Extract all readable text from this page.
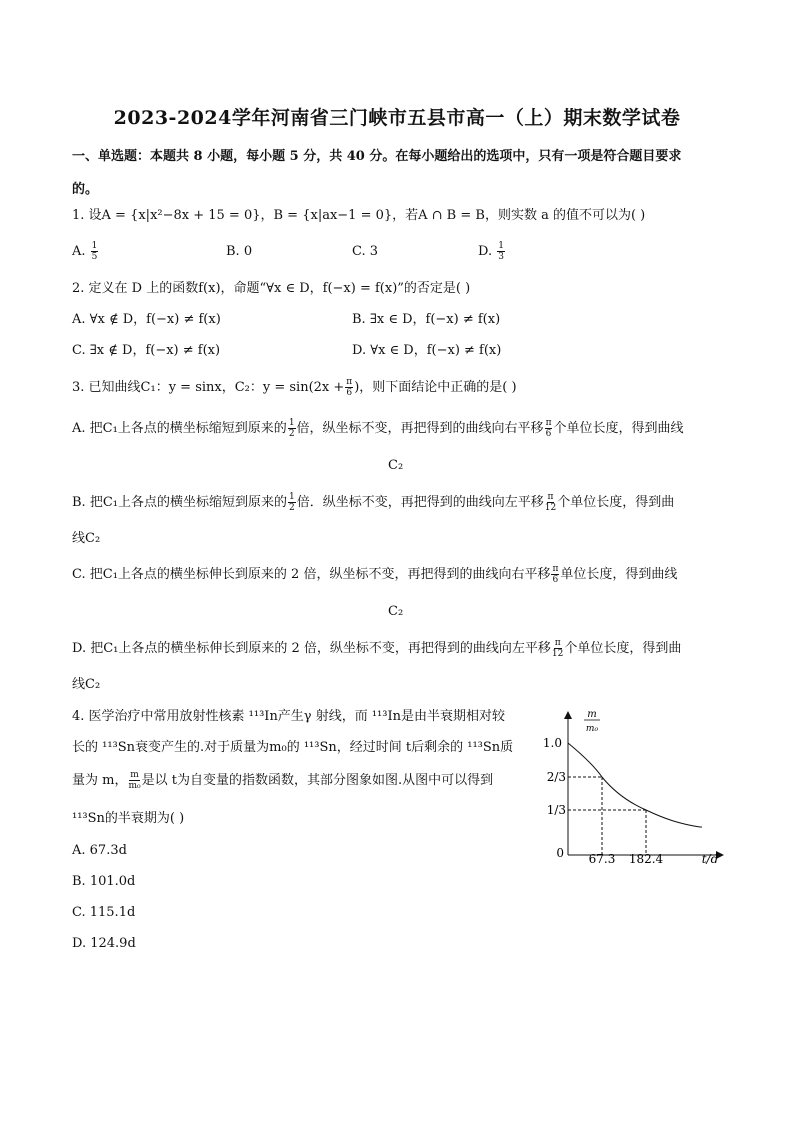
2023-2024学年河南省三门峡市五县市高一（上）期末数学试卷
一、单选题：本题共 8 小题，每小题 5 分，共 40 分。在每小题给出的选项中，只有一项是符合题目要求
的。
1. 设A = {x|x²−8x + 15 = 0}，B = {x|ax−1 = 0}，若A ∩ B = B，则实数 a 的值不可以为( )
A. $\frac{1}{5}$	B. 0	C. 3	D. $\frac{1}{3}$
2. 定义在 D 上的函数f(x)，命题“∀x ∈ D，f(−x) = f(x)”的否定是( )
A. ∀x ∉ D，f(−x) ≠ f(x)	B. ∃x ∈ D，f(−x) ≠ f(x)
C. ∃x ∉ D，f(−x) ≠ f(x)	D. ∀x ∈ D，f(−x) ≠ f(x)
3. 已知曲线C₁：y = sinx，C₂：$y = \sin(2x + \frac{\pi}{6}$ )，则下面结论中正确的是( )
A. 把C₁上各点的横坐标缩短到原来的 $\frac{1}{2}$ 倍，纵坐标不变，再把得到的曲线向右平移 $\frac{\pi}{6}$ 个单位长度，得到曲线
C₂
B. 把C₁上各点的横坐标缩短到原来的 $\frac{1}{2}$ 倍．纵坐标不变，再把得到的曲线向左平移 $\frac{\pi}{12}$ 个单位长度，得到曲
线C₂
C. 把C₁上各点的横坐标伸长到原来的 2 倍，纵坐标不变，再把得到的曲线向右平移 $\frac{\pi}{6}$ 单位长度，得到曲线
C₂
D. 把C₁上各点的横坐标伸长到原来的 2 倍，纵坐标不变，再把得到的曲线向左平移 $\frac{\pi}{12}$ 个单位长度，得到曲
线C₂
4. 医学治疗中常用放射性核素 ¹¹³In产生γ 射线，而 ¹¹³In是由半衰期相对较
长的 ¹¹³Sn衰变产生的.对于质量为m₀的 ¹¹³Sn，经过时间 t后剩余的 ¹¹³Sn质
量为 m， $\frac{m}{\text{m₀}}$ 是以 t为自变量的指数函数，其部分图象如图.从图中可以得到
¹¹³Sn的半衰期为( )
A. 67.3d
B. 101.0d
C. 115.1d
D. 124.9d
m
m₀
1.0
2/3
1/3
0 67.3 182.4	t/d
